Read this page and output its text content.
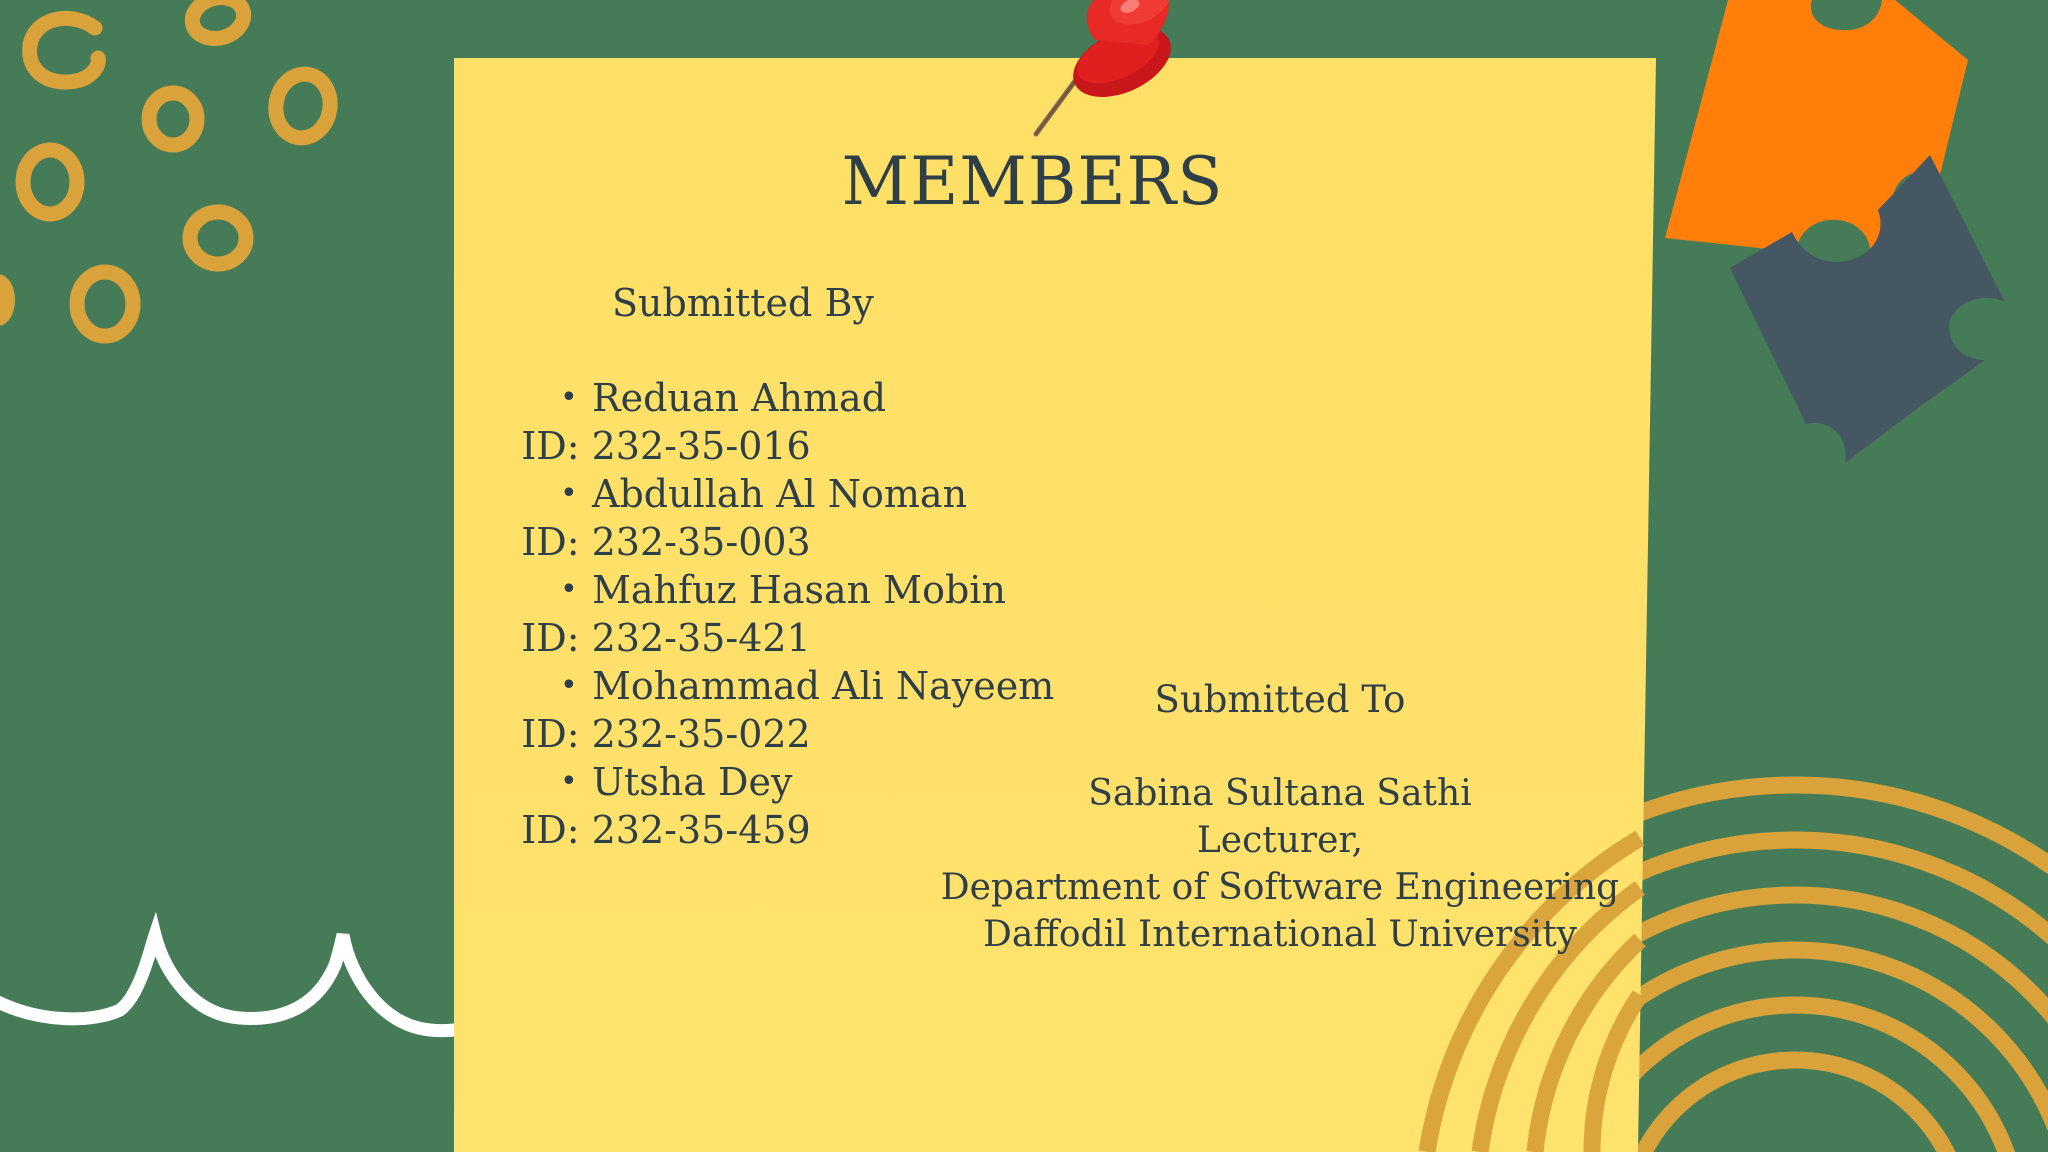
MEMBERS
Submitted By
• Reduan Ahmad
ID: 232-35-016
• Abdullah Al Noman
ID: 232-35-003
• Mahfuz Hasan Mobin
ID: 232-35-421
• Mohammad Ali Nayeem
ID: 232-35-022
• Utsha Dey
ID: 232-35-459
Submitted To
Sabina Sultana Sathi
Lecturer,
Department of Software Engineering
Daffodil International University
